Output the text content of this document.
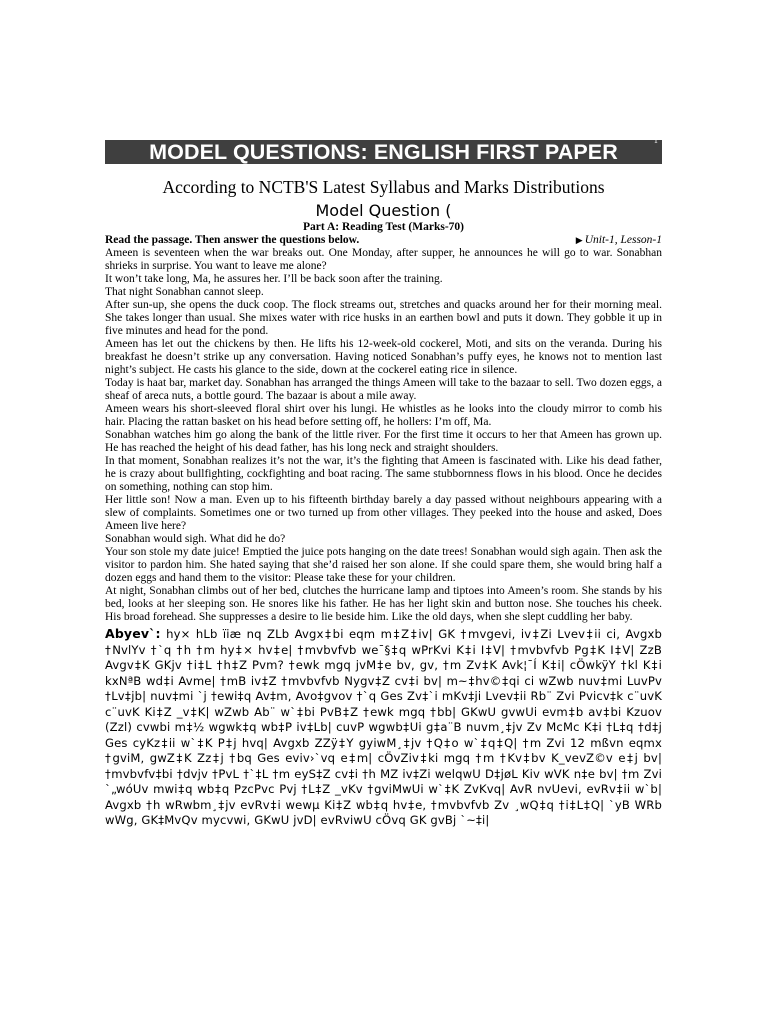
MODEL QUESTIONS: ENGLISH FIRST PAPER	1
According to NCTB'S Latest Syllabus and Marks Distributions
Model Question (
Part A: Reading Test (Marks-70)
Read the passage. Then answer the questions below.	▶ Unit-1, Lesson-1

Ameen is seventeen when the war breaks out. One Monday, after supper, he announces he will go to war. Sonabhan shrieks in surprise. You want to leave me alone?

It won’t take long, Ma, he assures her. I’ll be back soon after the training.

That night Sonabhan cannot sleep.

After sun-up, she opens the duck coop. The flock streams out, stretches and quacks around her for their morning meal. She takes longer than usual. She mixes water with rice husks in an earthen bowl and puts it down. They gobble it up in five minutes and head for the pond.

Ameen has let out the chickens by then. He lifts his 12-week-old cockerel, Moti, and sits on the veranda. During his breakfast he doesn’t strike up any conversation. Having noticed Sonabhan’s puffy eyes, he knows not to mention last night’s subject. He casts his glance to the side, down at the cockerel eating rice in silence.

Today is haat bar, market day. Sonabhan has arranged the things Ameen will take to the bazaar to sell. Two dozen eggs, a sheaf of areca nuts, a bottle gourd. The bazaar is about a mile away.

Ameen wears his short-sleeved floral shirt over his lungi. He whistles as he looks into the cloudy mirror to comb his hair. Placing the rattan basket on his head before setting off, he hollers: I’m off, Ma.

Sonabhan watches him go along the bank of the little river. For the first time it occurs to her that Ameen has grown up. He has reached the height of his dead father, has his long neck and straight shoulders.

In that moment, Sonabhan realizes it’s not the war, it’s the fighting that Ameen is fascinated with. Like his dead father, he is crazy about bullfighting, cockfighting and boat racing. The same stubbornness flows in his blood. Once he decides on something, nothing can stop him.

Her little son! Now a man. Even up to his fifteenth birthday barely a day passed without neighbours appearing with a slew of complaints. Sometimes one or two turned up from other villages. They peeked into the house and asked, Does Ameen live here?

Sonabhan would sigh. What did he do?

Your son stole my date juice! Emptied the juice pots hanging on the date trees! Sonabhan would sigh again. Then ask the visitor to pardon him. She hated saying that she’d raised her son alone. If she could spare them, she would bring half a dozen eggs and hand them to the visitor: Please take these for your children.

At night, Sonabhan climbs out of her bed, clutches the hurricane lamp and tiptoes into Ameen’s room. She stands by his bed, looks at her sleeping son. He snores like his father. He has her light skin and button nose. She touches his cheek. His broad forehead. She suppresses a desire to lie beside him. Like the old days, when she slept cuddling her baby.

Abyev`: hy× hLb ïiæ nq ZLb Avgx‡bi eqm m‡Z‡iv| GK †mvgevi, iv‡Zi Lvev‡ii ci, Avgxb †NvlYv †`q †h †m hy‡× hv‡e| †mvbvfvb we¯§‡q wPrKvi K‡i I‡V| †mvbvfvb Pg‡K I‡V| ZzB Avgv‡K GKjv †i‡L †h‡Z Pvm? †ewk mgq jvM‡e bv, gv, †m Zv‡K Avk¦¯Í K‡i| cÖwkÿY †kl K‡i kxNªB wd‡i Avme| †mB iv‡Z †mvbvfvb Nygv‡Z cv‡i bv| m~‡hv©‡qi ci wZwb nuv‡mi LuvPv †Lv‡jb| nuv‡mi `j †ewi‡q Av‡m, Avo‡gvov †`q Ges Zv‡`i mKv‡ji Lvev‡ii Rb¨ Zvi Pvicv‡k c¨uvK c¨uvK Ki‡Z _v‡K| wZwb Ab¨ w`‡bi PvB‡Z †ewk mgq †bb| GKwU gvwUi evm‡b av‡bi Kzuov (Zzl) cvwbi m‡½ wgwk‡q wb‡P iv‡Lb| cuvP wgwb‡Ui g‡a¨B nuvm¸‡jv Zv McMc K‡i †L‡q †d‡j Ges cyKz‡ii w`‡K P‡j hvq| Avgxb ZZÿ‡Y gyiwM¸‡jv †Q‡o w`‡q‡Q| †m Zvi 12 mßvn eqmx †gviM, gwZ‡K Zz‡j †bq Ges eviv›`vq e‡m| cÖvZiv‡ki mgq †m †Kv‡bv K_vevZ©v e‡j bv| †mvbvfv‡bi †dvjv †PvL †`‡L †m eyS‡Z cv‡i †h MZ iv‡Zi welqwU D‡jøL Kiv wVK n‡e bv| †m Zvi `„wóUv mwi‡q wb‡q PzcPvc Pvj †L‡Z _vKv †gviMwUi w`‡K ZvKvq| AvR nvUevi, evRv‡ii w`b| Avgxb †h wRwbm¸‡jv evRv‡i wewµ Ki‡Z wb‡q hv‡e, †mvbvfvb Zv ¸wQ‡q †i‡L‡Q| `yB WRb wWg, GK‡MvQv mycvwi, GKwU jvD| evRviwU cÖvq GK gvBj `~‡i|
